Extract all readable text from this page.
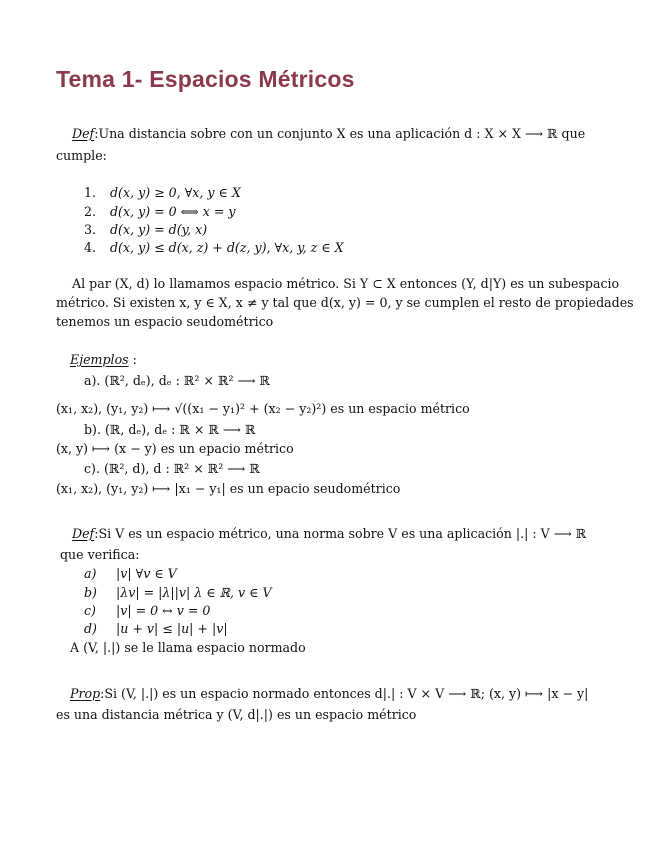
Tema 1- Espacios Métricos
Def:Una distancia sobre con un conjunto X es una aplicación d : X × X ⟶ ℝ que
cumple:
1. d(x, y) ≥ 0, ∀x, y ∈ X
2. d(x, y) = 0 ⟺ x = y
3. d(x, y) = d(y, x)
4. d(x, y) ≤ d(x, z) + d(z, y), ∀x, y, z ∈ X
Al par (X, d) lo llamamos espacio métrico. Si Y ⊂ X entonces (Y, d|Y) es un subespacio
métrico. Si existen x, y ∈ X, x ≠ y tal que d(x, y) = 0, y se cumplen el resto de propiedades
tenemos un espacio seudométrico
Ejemplos :
a). (ℝ², dₑ), dₑ : ℝ² × ℝ² ⟶ ℝ
(x₁, x₂), (y₁, y₂) ⟼ √((x₁ − y₁)² + (x₂ − y₂)²) es un espacio métrico
b). (ℝ, dₑ), dₑ : ℝ × ℝ ⟶ ℝ
(x, y) ⟼ (x − y) es un epacio métrico
c). (ℝ², d), d : ℝ² × ℝ² ⟶ ℝ
(x₁, x₂), (y₁, y₂) ⟼ |x₁ − y₁| es un epacio seudométrico
Def:Si V es un espacio métrico, una norma sobre V es una aplicación |.| : V ⟶ ℝ
que verifica:
a) |v| ∀v ∈ V
b) |λv| = |λ||v| λ ∈ ℝ, v ∈ V
c) |v| = 0 ↔ v = 0
d) |u + v| ≤ |u| + |v|
A (V, |.|) se le llama espacio normado
Prop:Si (V, |.|) es un espacio normado entonces d|.| : V × V ⟶ ℝ; (x, y) ⟼ |x − y|
es una distancia métrica y (V, d|.|) es un espacio métrico
